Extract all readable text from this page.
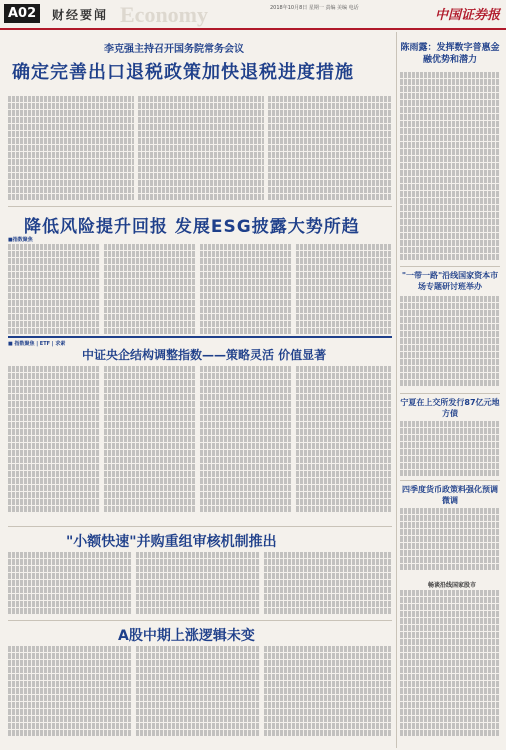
A02	财经要闻 Economy	2018年10月8日 星期一 责编 美编 电话	中国证券报
李克强主持召开国务院常务会议
确定完善出口退税政策加快退税进度措施
陈雨露：发挥数字普惠金融优势和潜力
"一带一路"沿线国家资本市场专题研讨班举办
宁夏在上交所发行87亿元地方债
四季度货币政策料强化预调微调
畅谈沿线国家股市
降低风险提升回报 发展ESG披露大势所趋
■指数聚焦
■ 指数聚焦 | ETF | 求索
中证央企结构调整指数——策略灵活 价值显著
"小额快速"并购重组审核机制推出
A股中期上涨逻辑未变
